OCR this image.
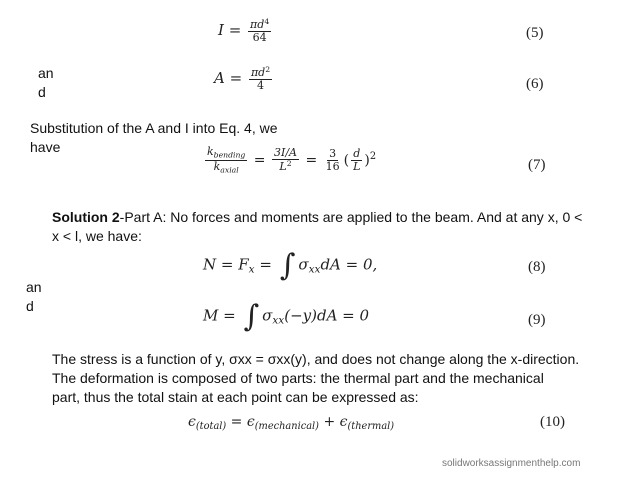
$I = \frac{\pi d^4}{64}$	(5)
an
d
$A = \frac{\pi d^2}{4}$	(6)
Substitution of the A and I into Eq. 4, we
have	$\frac{k_{bending}}{k_{axial}} = \frac{3I/A}{L^2} = \frac{3}{16}$ ( $\frac{d}{L} )^2$
(7)
Solution 2-Part A: No forces and moments are applied to the beam. And at any x, 0 <
x < l, we have:
$N = F_x$ = ∫ $\sigma_{xx}dA = 0$,	(8)
an
d
M = ∫ $\sigma_{xx}(-y)dA = 0$	(9)
The stress is a function of y, σxx = σxx(y), and does not change along the x-direction.
The deformation is composed of two parts: the thermal part and the mechanical
part, thus the total stain at each point can be expressed as:
$\epsilon_{(total)} = \epsilon_{(mechanical)} + \epsilon_{(thermal)}$	(10)
solidworksassignmenthelp.com
